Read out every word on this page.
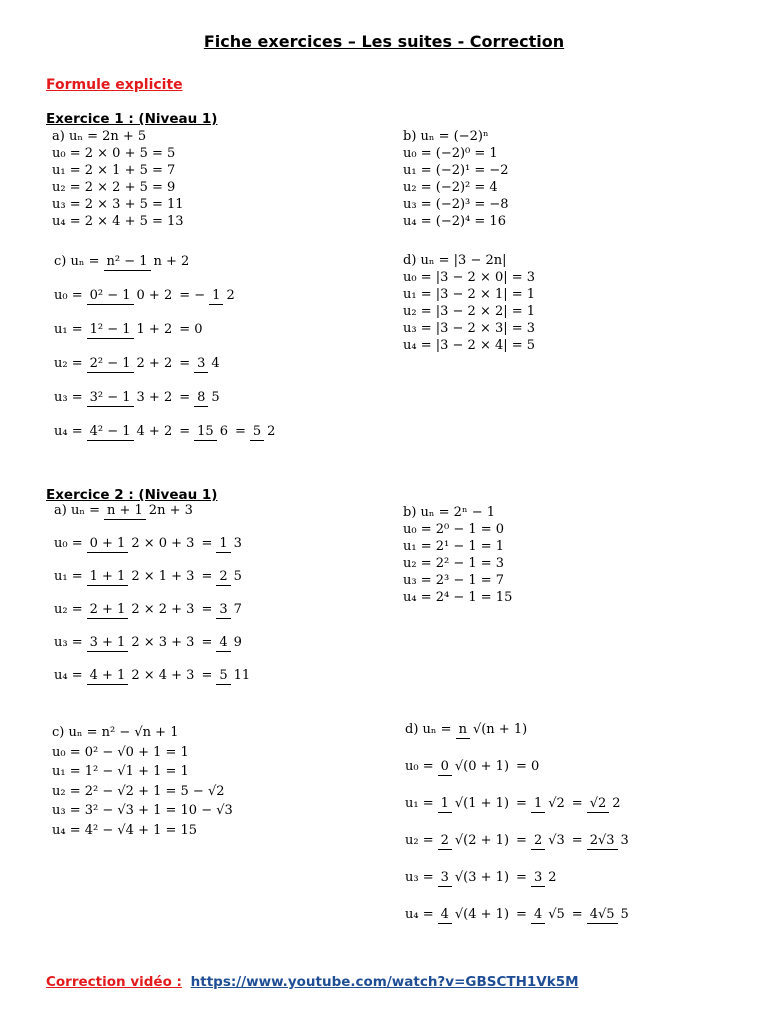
Fiche exercices – Les suites - Correction
Formule explicite
Exercice 1 : (Niveau 1)
a) uₙ = 2n + 5
u₀ = 2 × 0 + 5 = 5
u₁ = 2 × 1 + 5 = 7
u₂ = 2 × 2 + 5 = 9
u₃ = 2 × 3 + 5 = 11
u₄ = 2 × 4 + 5 = 13
b) uₙ = (−2)ⁿ
u₀ = (−2)⁰ = 1
u₁ = (−2)¹ = −2
u₂ = (−2)² = 4
u₃ = (−2)³ = −8
u₄ = (−2)⁴ = 16
c) uₙ = n² − 1 n + 2
u₀ = 0² − 1 0 + 2 = − 1 2
u₁ = 1² − 1 1 + 2 = 0
u₂ = 2² − 1 2 + 2 = 3 4
u₃ = 3² − 1 3 + 2 = 8 5
u₄ = 4² − 1 4 + 2 = 15 6 = 5 2
d) uₙ = |3 − 2n|
u₀ = |3 − 2 × 0| = 3
u₁ = |3 − 2 × 1| = 1
u₂ = |3 − 2 × 2| = 1
u₃ = |3 − 2 × 3| = 3
u₄ = |3 − 2 × 4| = 5
Exercice 2 : (Niveau 1)
a) uₙ = n + 1 2n + 3
u₀ = 0 + 1 2 × 0 + 3 = 1 3
u₁ = 1 + 1 2 × 1 + 3 = 2 5
u₂ = 2 + 1 2 × 2 + 3 = 3 7
u₃ = 3 + 1 2 × 3 + 3 = 4 9
u₄ = 4 + 1 2 × 4 + 3 = 5 11
b) uₙ = 2ⁿ − 1
u₀ = 2⁰ − 1 = 0
u₁ = 2¹ − 1 = 1
u₂ = 2² − 1 = 3
u₃ = 2³ − 1 = 7
u₄ = 2⁴ − 1 = 15
c) uₙ = n² − √n + 1
u₀ = 0² − √0 + 1 = 1
u₁ = 1² − √1 + 1 = 1
u₂ = 2² − √2 + 1 = 5 − √2
u₃ = 3² − √3 + 1 = 10 − √3
u₄ = 4² − √4 + 1 = 15
d) uₙ = n √(n + 1)
u₀ = 0 √(0 + 1) = 0
u₁ = 1 √(1 + 1) = 1 √2 = √2 2
u₂ = 2 √(2 + 1) = 2 √3 = 2√3 3
u₃ = 3 √(3 + 1) = 3 2
u₄ = 4 √(4 + 1) = 4 √5 = 4√5 5
Correction vidéo : https://www.youtube.com/watch?v=GBSCTH1Vk5M
